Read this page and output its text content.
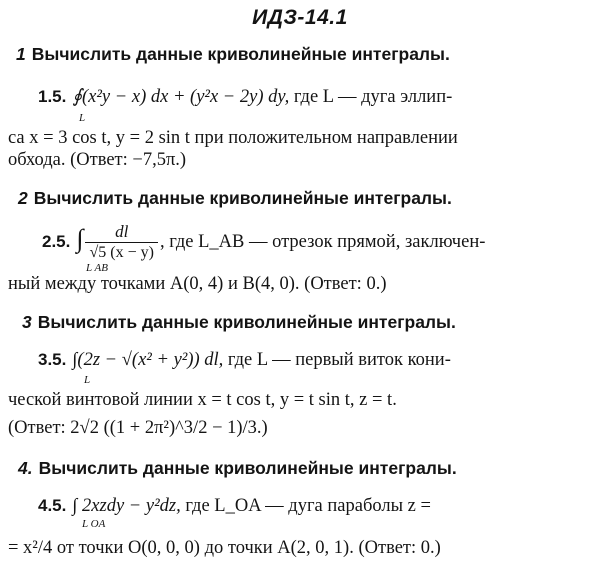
ИДЗ-14.1
1 Вычислить данные криволинейные интегралы.
1.5. ∮(x²y − x) dx + (y²x − 2y) dy, где L — дуга эллип-
L
са x = 3 cos t, y = 2 sin t при положительном направлении
обхода. (Ответ: −7,5π.)
2 Вычислить данные криволинейные интегралы.
2.5. ∫ $\frac{dl}{√5 (x - y)}$ , где L_AB — отрезок прямой, заключен-
L AB
ный между точками A(0, 4) и B(4, 0). (Ответ: 0.)
3 Вычислить данные криволинейные интегралы.
3.5. ∫(2z − √(x² + y²)) dl, где L — первый виток кони-
L
ческой винтовой линии x = t cos t, y = t sin t, z = t.
(Ответ: 2√2 ((1 + 2π²)^3/2 − 1)/3.)
4. Вычислить данные криволинейные интегралы.
4.5. ∫ 2xzdy − y²dz, где L_OA — дуга параболы z =
L OA
= x²/4 от точки O(0, 0, 0) до точки A(2, 0, 1). (Ответ: 0.)
